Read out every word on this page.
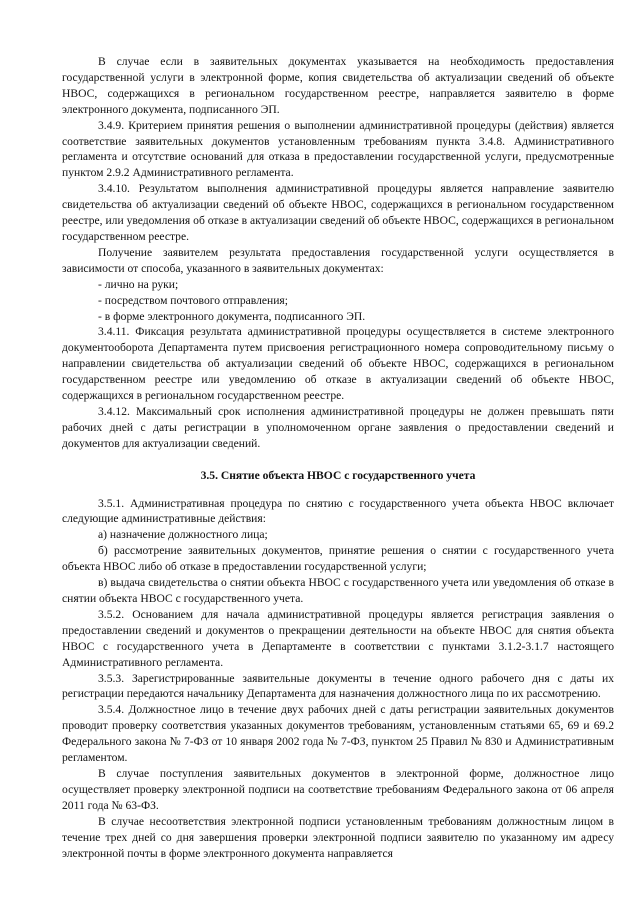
В случае если в заявительных документах указывается на необходимость предоставления государственной услуги в электронной форме, копия свидетельства об актуализации сведений об объекте НВОС, содержащихся в региональном государственном реестре, направляется заявителю в форме электронного документа, подписанного ЭП.

3.4.9. Критерием принятия решения о выполнении административной процедуры (действия) является соответствие заявительных документов установленным требованиям пункта 3.4.8. Административного регламента и отсутствие оснований для отказа в предоставлении государственной услуги, предусмотренные пунктом 2.9.2 Административного регламента.

3.4.10. Результатом выполнения административной процедуры является направление заявителю свидетельства об актуализации сведений об объекте НВОС, содержащихся в региональном государственном реестре, или уведомления об отказе в актуализации сведений об объекте НВОС, содержащихся в региональном государственном реестре.

Получение заявителем результата предоставления государственной услуги осуществляется в зависимости от способа, указанного в заявительных документах:

- лично на руки;

- посредством почтового отправления;

- в форме электронного документа, подписанного ЭП.

3.4.11. Фиксация результата административной процедуры осуществляется в системе электронного документооборота Департамента путем присвоения регистрационного номера сопроводительному письму о направлении свидетельства об актуализации сведений об объекте НВОС, содержащихся в региональном государственном реестре или уведомлению об отказе в актуализации сведений об объекте НВОС, содержащихся в региональном государственном реестре.

3.4.12. Максимальный срок исполнения административной процедуры не должен превышать пяти рабочих дней с даты регистрации в уполномоченном органе заявления о предоставлении сведений и документов для актуализации сведений.

3.5. Снятие объекта НВОС с государственного учета

3.5.1. Административная процедура по снятию с государственного учета объекта НВОС включает следующие административные действия:

а) назначение должностного лица;

б) рассмотрение заявительных документов, принятие решения о снятии с государственного учета объекта НВОС либо об отказе в предоставлении государственной услуги;

в) выдача свидетельства о снятии объекта НВОС с государственного учета или уведомления об отказе в снятии объекта НВОС с государственного учета.

3.5.2. Основанием для начала административной процедуры является регистрация заявления о предоставлении сведений и документов о прекращении деятельности на объекте НВОС для снятия объекта НВОС с государственного учета в Департаменте в соответствии с пунктами 3.1.2-3.1.7 настоящего Административного регламента.

3.5.3. Зарегистрированные заявительные документы в течение одного рабочего дня с даты их регистрации передаются начальнику Департамента для назначения должностного лица по их рассмотрению.

3.5.4. Должностное лицо в течение двух рабочих дней с даты регистрации заявительных документов проводит проверку соответствия указанных документов требованиям, установленным статьями 65, 69 и 69.2 Федерального закона № 7-ФЗ от 10 января 2002 года № 7-ФЗ, пунктом 25 Правил № 830 и Административным регламентом.

В случае поступления заявительных документов в электронной форме, должностное лицо осуществляет проверку электронной подписи на соответствие требованиям Федерального закона от 06 апреля 2011 года № 63-ФЗ.

В случае несоответствия электронной подписи установленным требованиям должностным лицом в течение трех дней со дня завершения проверки электронной подписи заявителю по указанному им адресу электронной почты в форме электронного документа направляется
